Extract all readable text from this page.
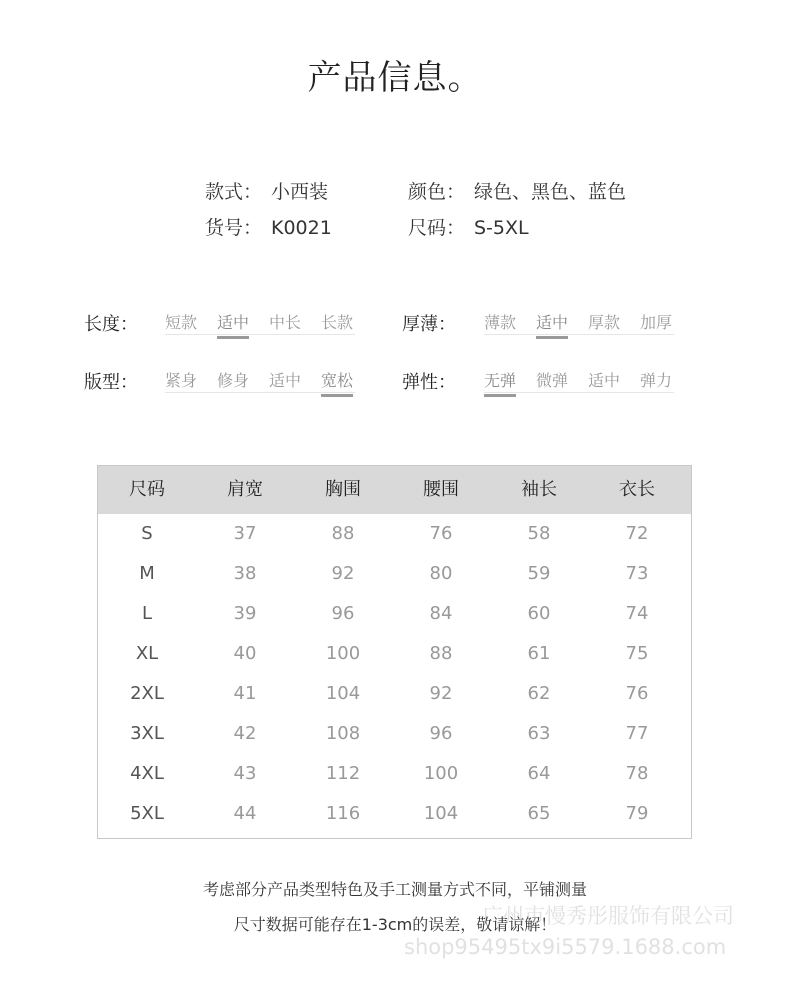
产品信息。
款式： 小西装	颜色： 绿色、黑色、蓝色
货号： K0021	尺码： S-5XL
长度： 短款 适中 中长 长款	厚薄： 薄款 适中 厚款 加厚
版型： 紧身 修身 适中 宽松	弹性： 无弹 微弹 适中 弹力
尺码	肩宽	胸围	腰围	袖长	衣长
S	37	88	76	58	72
M	38	92	80	59	73
L	39	96	84	60	74
XL	40	100	88	61	75
2XL	41	104	92	62	76
3XL	42	108	96	63	77
4XL	43	112	100	64	78
5XL	44	116	104	65	79
考虑部分产品类型特色及手工测量方式不同，平铺测量
尺寸数据可能存在1-3cm的误差，敬请谅解！
广州市慢秀彤服饰有限公司
shop95495tx9i5579.1688.com
